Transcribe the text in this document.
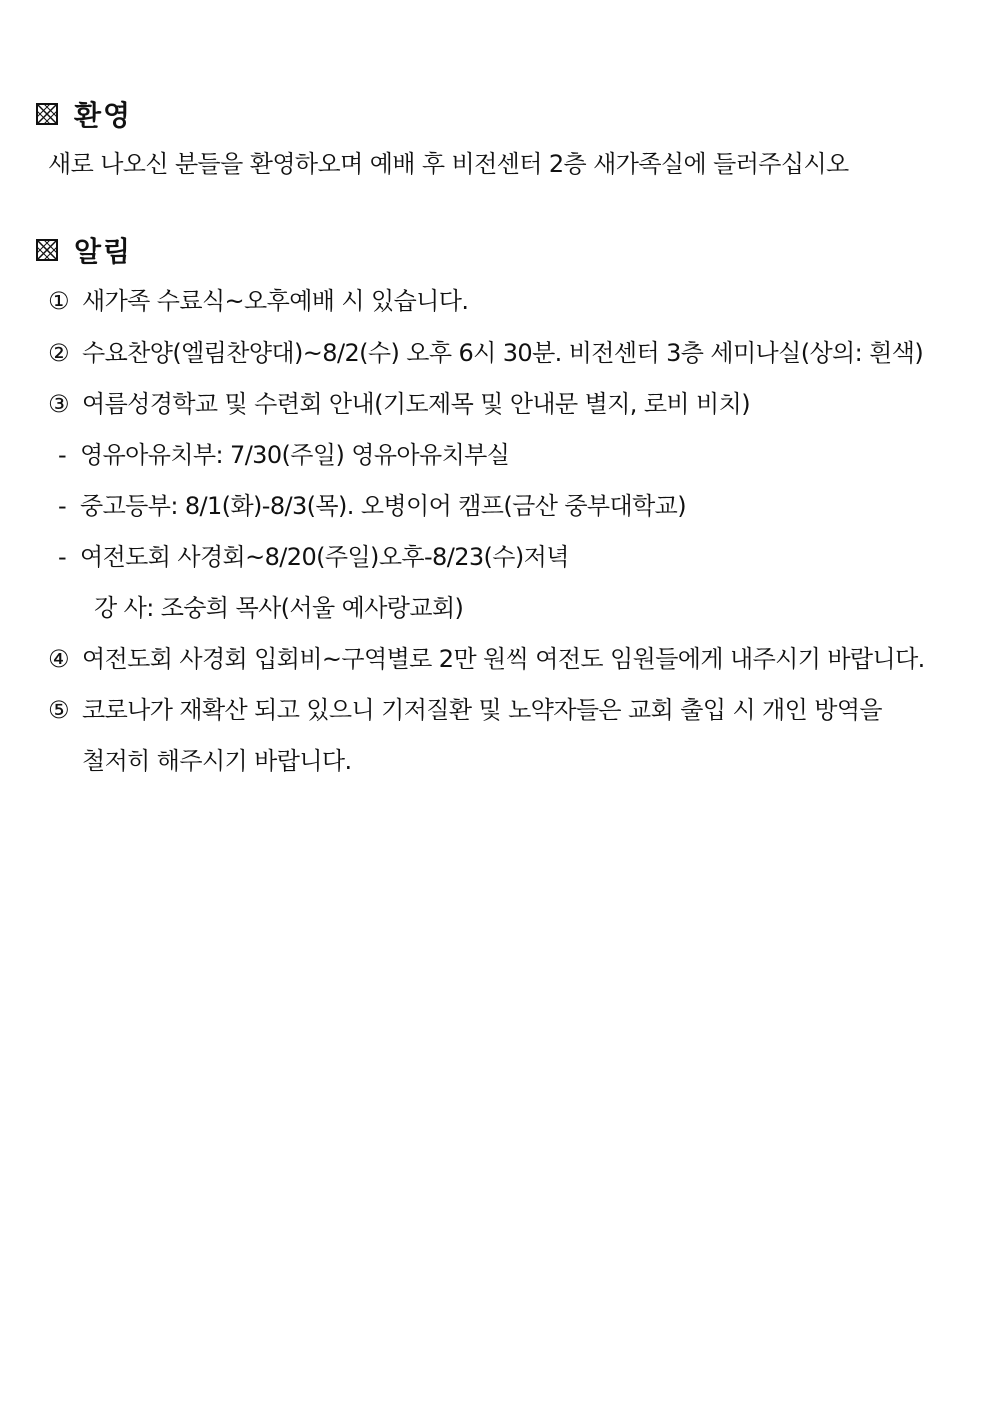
환영
새로 나오신 분들을 환영하오며 예배 후 비전센터 2층 새가족실에 들러주십시오
알림
① 새가족 수료식~오후예배 시 있습니다.
② 수요찬양(엘림찬양대)~8/2(수) 오후 6시 30분. 비전센터 3층 세미나실(상의: 흰색)
③ 여름성경학교 및 수련회 안내(기도제목 및 안내문 별지, 로비 비치)
- 영유아유치부: 7/30(주일) 영유아유치부실
- 중고등부: 8/1(화)-8/3(목). 오병이어 캠프(금산 중부대학교)
- 여전도회 사경회~8/20(주일)오후-8/23(수)저녁
강 사: 조숭희 목사(서울 예사랑교회)
④ 여전도회 사경회 입회비~구역별로 2만 원씩 여전도 임원들에게 내주시기 바랍니다.
⑤ 코로나가 재확산 되고 있으니 기저질환 및 노약자들은 교회 출입 시 개인 방역을
철저히 해주시기 바랍니다.
